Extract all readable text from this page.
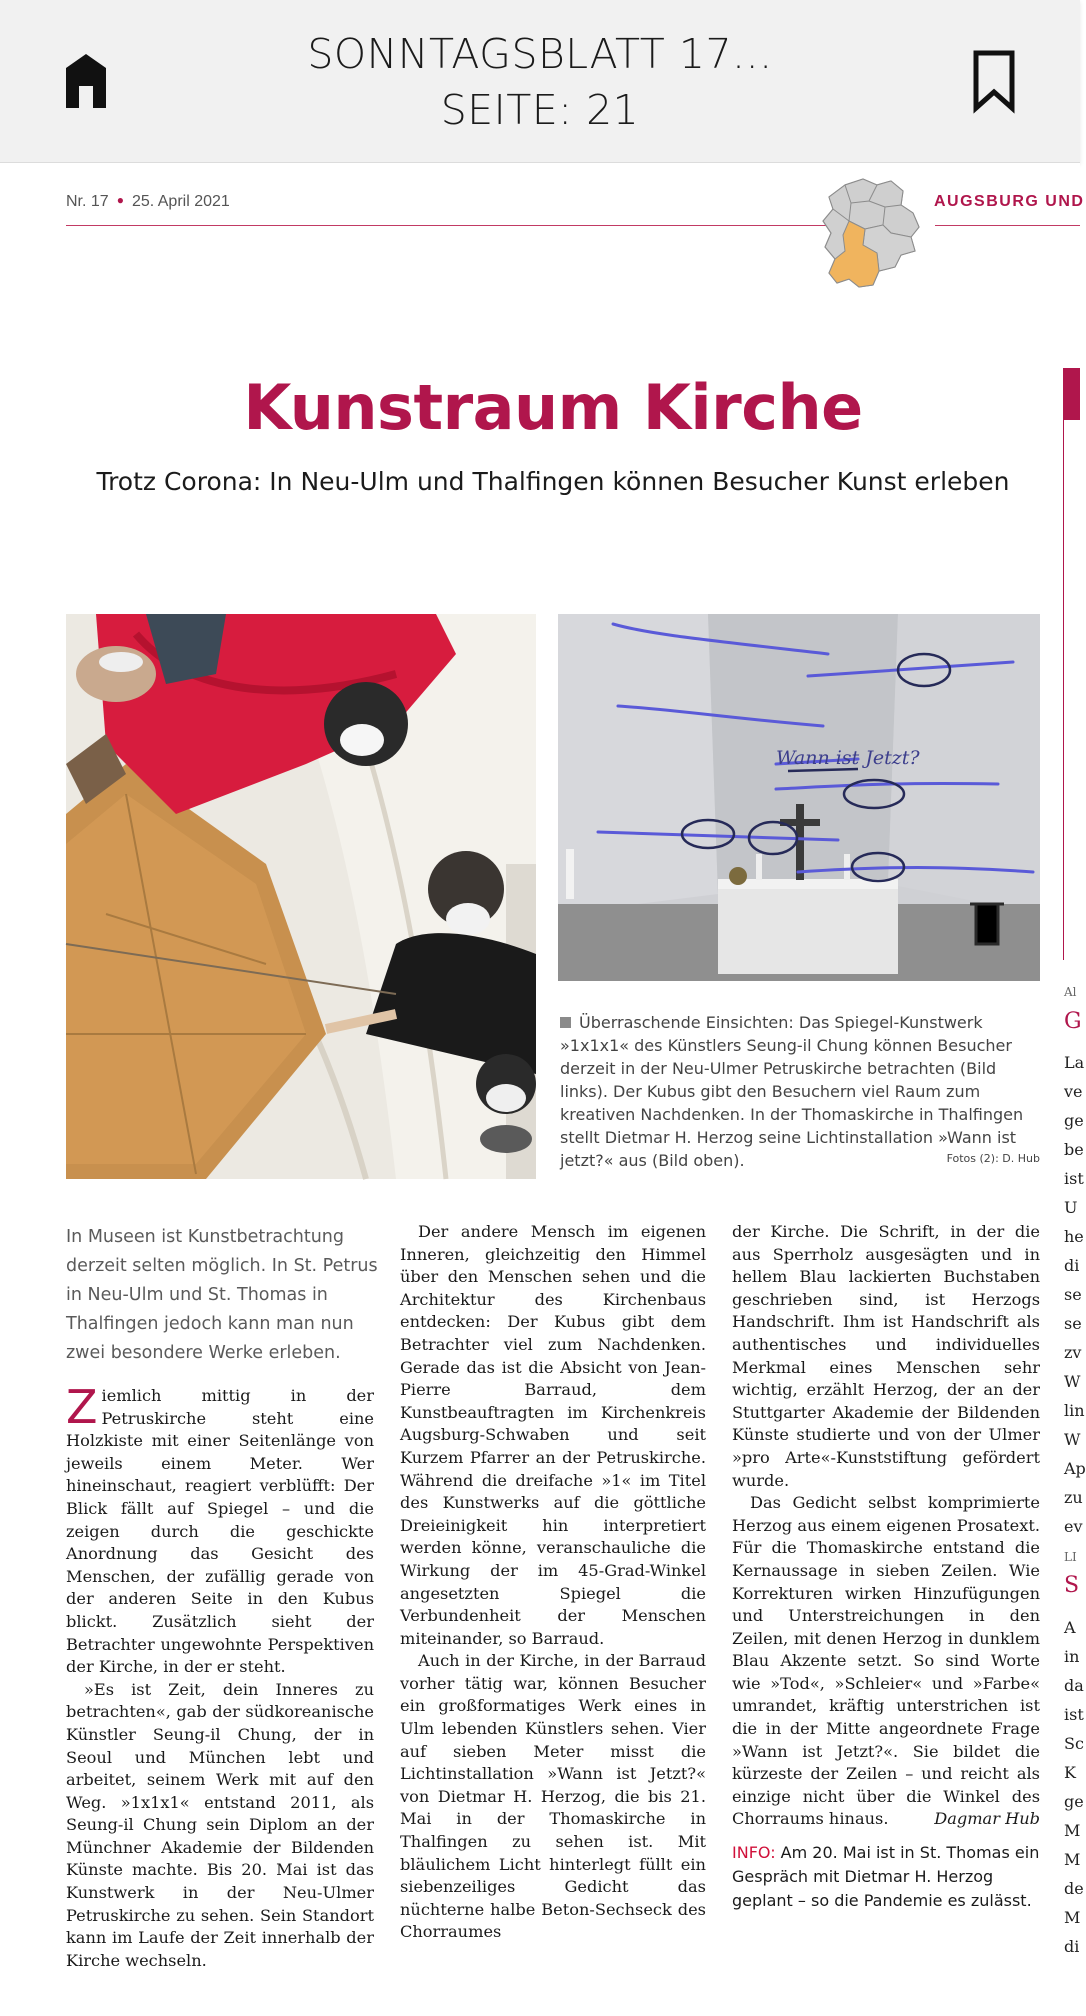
SONNTAGSBLATT 17...
SEITE: 21
Nr. 17 ● 25. April 2021	AUGSBURG UND
Kunstraum Kirche
Trotz Corona: In Neu-Ulm und Thalfingen können Besucher Kunst erleben
Wann ist Jetzt?
Überraschende Einsichten: Das Spiegel-Kunstwerk »1x1x1« des Künstlers Seung-il Chung können Besucher derzeit in der Neu-Ulmer Petruskirche betrachten (Bild links). Der Kubus gibt den Besuchern viel Raum zum kreativen Nachdenken. In der Thomaskirche in Thalfingen stellt Dietmar H. Herzog seine Lichtinstallation »Wann ist jetzt?« aus (Bild oben).	Fotos (2): D. Hub
In Museen ist Kunstbetrachtung derzeit selten möglich. In St. Petrus in Neu-Ulm und St. Thomas in Thalfingen jedoch kann man nun zwei besondere Werke erleben.

Ziemlich mittig in der Petruskirche steht eine Holzkiste mit einer Seitenlänge von jeweils einem Meter. Wer hineinschaut, reagiert verblüfft: Der Blick fällt auf Spiegel – und die zeigen durch die geschickte Anordnung das Gesicht des Menschen, der zufällig gerade von der anderen Seite in den Kubus blickt. Zusätzlich sieht der Betrachter ungewohnte Perspektiven der Kirche, in der er steht.

»Es ist Zeit, dein Inneres zu betrachten«, gab der südkoreanische Künstler Seung-il Chung, der in Seoul und München lebt und arbeitet, seinem Werk mit auf den Weg. »1x1x1« entstand 2011, als Seung-il Chung sein Diplom an der Münchner Akademie der Bildenden Künste machte. Bis 20. Mai ist das Kunstwerk in der Neu-Ulmer Petruskirche zu sehen. Sein Standort kann im Laufe der Zeit innerhalb der Kirche wechseln.

Der andere Mensch im eigenen Inneren, gleichzeitig den Himmel über den Menschen sehen und die Architektur des Kirchenbaus entdecken: Der Kubus gibt dem Betrachter viel zum Nachdenken. Gerade das ist die Absicht von Jean-Pierre Barraud, dem Kunstbeauftragten im Kirchenkreis Augsburg-Schwaben und seit Kurzem Pfarrer an der Petruskirche. Während die dreifache »1« im Titel des Kunstwerks auf die göttliche Dreieinigkeit hin interpretiert werden könne, veranschauliche die Wirkung der im 45-Grad-Winkel angesetzten Spiegel die Verbundenheit der Menschen miteinander, so Barraud.

Auch in der Kirche, in der Barraud vorher tätig war, können Besucher ein großformatiges Werk eines in Ulm lebenden Künstlers sehen. Vier auf sieben Meter misst die Lichtinstallation »Wann ist Jetzt?« von Dietmar H. Herzog, die bis 21. Mai in der Thomaskirche in Thalfingen zu sehen ist. Mit bläulichem Licht hinterlegt füllt ein siebenzeiliges Gedicht das nüchterne halbe Beton-Sechseck des Chorraumes

der Kirche. Die Schrift, in der die aus Sperrholz ausgesägten und in hellem Blau lackierten Buchstaben geschrieben sind, ist Herzogs Handschrift. Ihm ist Handschrift als authentisches und individuelles Merkmal eines Menschen sehr wichtig, erzählt Herzog, der an der Stuttgarter Akademie der Bildenden Künste studierte und von der Ulmer »pro Arte«-Kunststiftung gefördert wurde.

Das Gedicht selbst komprimierte Herzog aus einem eigenen Prosatext. Für die Thomaskirche entstand die Kernaussage in sieben Zeilen. Wie Korrekturen wirken Hinzufügungen und Unterstreichungen in den Zeilen, mit denen Herzog in dunklem Blau Akzente setzt. So sind Worte wie »Tod«, »Schleier« und »Farbe« umrandet, kräftig unterstrichen ist die in der Mitte angeordnete Frage »Wann ist Jetzt?«. Sie bildet die kürzeste der Zeilen – und reicht als einzige nicht über die Winkel des Chorraums hinaus.	Dagmar Hub

INFO: Am 20. Mai ist in St. Thomas ein Gespräch mit Dietmar H. Herzog geplant – so die Pandemie es zulässt.
Al
G
LI
S
La
ve
ge
be
ist
U
he
di
se
se
zv
W
lin
W
Ap
zu
ev
A
in
da
ist
Sc
K
ge
M
M
de
M
di
